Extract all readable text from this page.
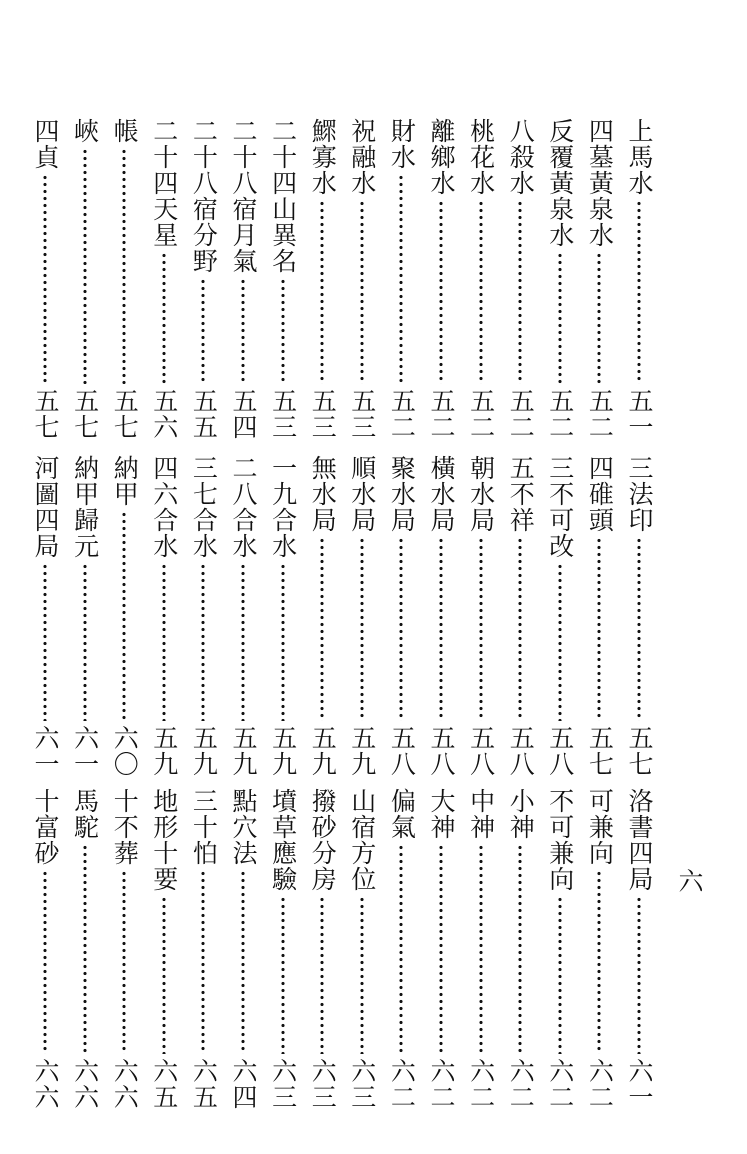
六
上馬水
五一
三法印
五七
洛書四局
六一
四墓黃泉水
五二
四碓頭
五七
可兼向
六二
反覆黃泉水
五二
三不可改
五八
不可兼向
六二
八殺水
五二
五不祥
五八
小神
六二
桃花水
五二
朝水局
五八
中神
六二
離鄉水
五二
橫水局
五八
大神
六二
財水
五二
聚水局
五八
偏氣
六二
祝融水
五三
順水局
五九
山宿方位
六三
鰥寡水
五三
無水局
五九
撥砂分房
六三
二十四山異名
五三
一九合水
五九
墳草應驗
六三
二十八宿月氣
五四
二八合水
五九
點穴法
六四
二十八宿分野
五五
三七合水
五九
三十怕
六五
二十四天星
五六
四六合水
五九
地形十要
六五
帳
五七
納甲
六〇
十不葬
六六
峽
五七
納甲歸元
六一
馬駝
六六
四貞
五七
河圖四局
六一
十富砂
六六
